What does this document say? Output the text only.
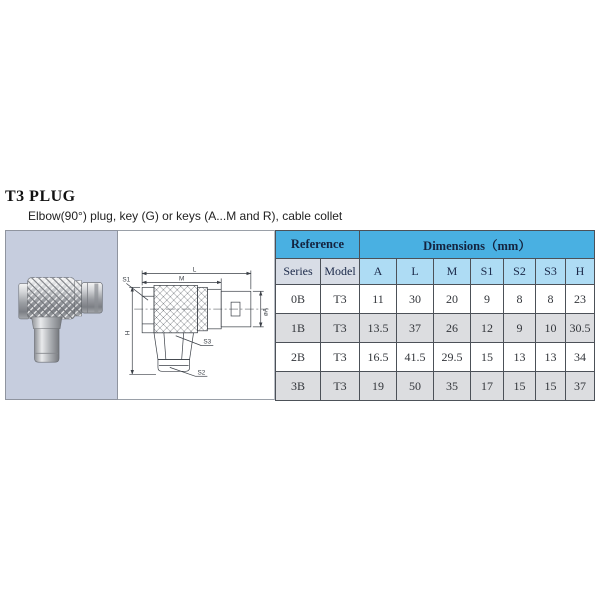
T3 PLUG
Elbow(90°) plug, key (G) or keys (A...M and R), cable collet
S1
L
M
H
øA
S3
S2
Reference		Dimensions（mm）						
Series	Model	A	L	M	S1	S2	S3	H
0B	T3	11	30	20	9	8	8	23
1B	T3	13.5	37	26	12	9	10	30.5
2B	T3	16.5	41.5	29.5	15	13	13	34
3B	T3	19	50	35	17	15	15	37
